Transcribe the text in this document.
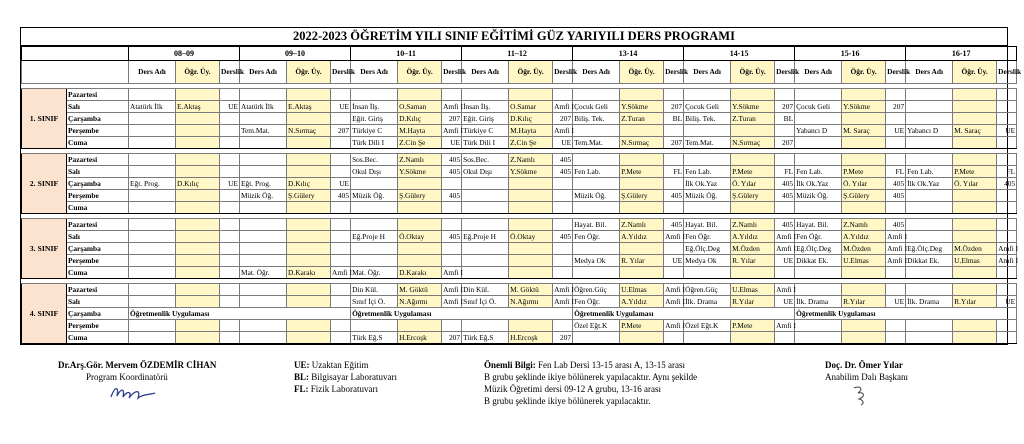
2022-2023 ÖĞRETİM YILI SINIF EĞİTİMİ GÜZ YARIYILI DERS PROGRAMI
		08–09			09–10			10–11			11–12			13-14			14-15			15-16			16-17		
		Ders Adı	Öğr. Üy.	Derslik	Ders Adı	Öğr. Üy.	Derslik	Ders Adı	Öğr. Üy.	Derslik	Ders Adı	Öğr. Üy.	Derslik	Ders Adı	Öğr. Üy.	Derslik	Ders Adı	Öğr. Üy.	Derslik	Ders Adı	Öğr. Üy.	Derslik	Ders Adı	Öğr. Üy.	Derslik

1. SINIF	Pazartesi																								
	Salı	Atatürk İlk	E.Aktaş	UE	Atatürk İlk	E.Aktaş	UE	İnsan İlş.	O.Saman	Amfi I	İnsan İlş.	O.Samar	Amfi I	Çocuk Geli	Y.Sökme	207	Çocuk Geli	Y.Sökme	207	Çocuk Geli	Y.Sökme	207			
	Çarşamba							Eğit. Giriş	D.Kılıç	207	Eğit. Giriş	D.Kılıç	207	Biliş. Tek.	Z.Turan	BL	Biliş. Tek.	Z.Turan	BL						
	Perşembe				Tem.Mat.	N.Sırmaç	207	Türkiye C	M.Hayta	Amfi I	Türkiye C	M.Hayta	Amfi I							Yabancı D	M. Saraç	UE	Yabancı D	M. Saraç	UE
	Cuma							Türk Dili I	Z.Cin Şe	UE	Türk Dili I	Z.Cin Şe	UE	Tem.Mat.	N.Sırmaç	207	Tem.Mat.	N.Sırmaç	207						

2. SINIF	Pazartesi							Sos.Bec.	Z.Namlı	405	Sos.Bec.	Z.Namlı	405												
	Salı							Okul Dışı	Y.Sökme	405	Okul Dışı	Y.Sökme	405	Fen Lab.	P.Mete	FL	Fen Lab.	P.Mete	FL	Fen Lab.	P.Mete	FL	Fen Lab.	P.Mete	FL
	Çarşamba	Eğt. Prog.	D.Kılıç	UE	Eğt. Prog.	D.Kılıç	UE										İlk Ok.Yaz	Ö. Yılar	405	İlk Ok.Yaz	Ö. Yılar	405	İlk Ok.Yaz	Ö. Yılar	405
	Perşembe				Müzik Öğ.	Ş.Gülery	405	Müzik Öğ.	Ş.Gülery	405				Müzik Öğ.	Ş.Gülery	405	Müzik Öğ.	Ş.Gülery	405	Müzik Öğ.	Ş.Gülery	405			
	Cuma																								

3. SINIF	Pazartesi													Hayat. Bil.	Z.Namlı	405	Hayat. Bil.	Z.Namlı	405	Hayat. Bil.	Z.Namlı	405			
	Salı							Eğ.Proje H	Ö.Oktay	405	Eğ.Proje H	Ö.Oktay	405	Fen Öğr.	A.Yıldız	Amfi I	Fen Öğr.	A.Yıldız	Amfi I	Fen Öğr.	A.Yıldız	Amfi I			
	Çarşamba																Eğ.Ölç.Deg	M.Özden	Amfi I	Eğ.Ölç.Deg	M.Özden	Amfi I	Eğ.Ölç.Deg	M.Özden	Amfi I
	Perşembe													Medya Ok	R. Yılar	UE	Medya Ok	R. Yılar	UE	Dikkat Ek.	U.Elmas	Amfi I	Dikkat Ek.	U.Elmas	Amfi I
	Cuma				Mat. Öğr.	D.Karakı	Amfi I	Mat. Öğr.	D.Karakı	Amfi I															

4. SINIF	Pazartesi							Din Kül.	M. Göktü	Amfi I	Din Kül.	M. Göktü	Amfi I	Öğren.Güç	U.Elmas	Amfi I	Öğren.Güç	U.Elmas	Amfi I						
	Salı							Sınıf İçi Ö.	N.Ağırmı	Amfi I	Sınıf İçi Ö.	N.Ağırmı	Amfi I	Fen Öğr.	A.Yıldız	Amfi I	İlk. Drama	R.Yılar	UE	İlk. Drama	R.Yılar	UE	İlk. Drama	R.Yılar	UE
	Çarşamba	Öğretmenlik Uygulaması						Öğretmenlik Uygulaması						Öğretmenlik Uygulaması						Öğretmenlik Uygulaması					
	Perşembe													Özel Eğt.K	P.Mete	Amfi I	Özel Eğt.K	P.Mete	Amfi I						
	Cuma							Türk Eğ.S	H.Ercoşk	207	Türk Eğ.S	H.Ercoşk	207												
Dr.Arş.Gör. Mervem ÖZDEMİR CİHAN
Program Koordinatörü
UE: Uzaktan Eğitim
BL: Bilgisayar Laboratuvarı
FL: Fizik Laboratuvarı
Önemli Bilgi: Fen Lab Dersi 13-15 arası A, 13-15 arası
B grubu şeklinde ikiye bölünerek yapılacaktır. Aynı şekilde
Müzik Öğretimi dersi 09-12 A grubu, 13-16 arası
B grubu şeklinde ikiye bölünerek yapılacaktır.
Doç. Dr. Ömer Yılar
Anabilim Dalı Başkanı
